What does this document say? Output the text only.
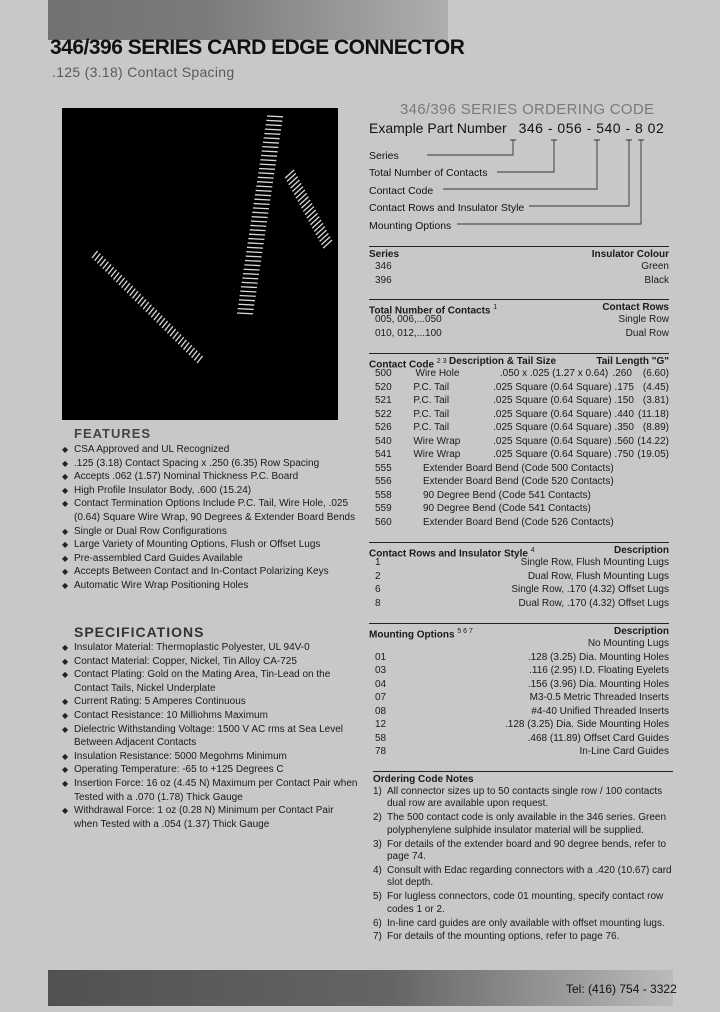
346/396 SERIES CARD EDGE CONNECTOR
.125 (3.18) Contact Spacing
346/396 SERIES ORDERING CODE
Example Part Number 346 - 056 - 540 - 8 02
Series
Total Number of Contacts
Contact Code
Contact Rows and Insulator Style
Mounting Options
Series	Insulator Colour
346	Green
396	Black
Total Number of Contacts $^1$	Contact Rows
005, 006,...050	Single Row
010, 012,...100	Dual Row
Contact Code $^{2 3}$ Description & Tail Size	Tail Length "G"
500	Wire Hole	.050 x .025 (1.27 x 0.64) .260	(6.60)
520	P.C. Tail	.025 Square (0.64 Square) .175 (4.45)
521	P.C. Tail	.025 Square (0.64 Square) .150 (3.81)
522	P.C. Tail	.025 Square (0.64 Square) .440 (11.18)
526	P.C. Tail	.025 Square (0.64 Square) .350 (8.89)
540	Wire Wrap	.025 Square (0.64 Square) .560 (14.22)
541	Wire Wrap	.025 Square (0.64 Square) .750 (19.05)
555	Extender Board Bend (Code 500 Contacts)
556	Extender Board Bend (Code 520 Contacts)
558	90 Degree Bend (Code 541 Contacts)
559	90 Degree Bend (Code 541 Contacts)
560	Extender Board Bend (Code 526 Contacts)
Contact Rows and Insulator Style $^4$	Description
1	Single Row, Flush Mounting Lugs
2	Dual Row, Flush Mounting Lugs
6	Single Row, .170 (4.32) Offset Lugs
8	Dual Row, .170 (4.32) Offset Lugs
Mounting Options $^{5 6 7}$	Description
No Mounting Lugs
01	.128 (3.25) Dia. Mounting Holes
03	.116 (2.95) I.D. Floating Eyelets
04	.156 (3.96) Dia. Mounting Holes
07	M3-0.5 Metric Threaded Inserts
08	#4-40 Unified Threaded Inserts
12	.128 (3.25) Dia. Side Mounting Holes
58	.468 (11.89) Offset Card Guides
78	In-Line Card Guides
FEATURES
◆ CSA Approved and UL Recognized
◆ .125 (3.18) Contact Spacing x .250 (6.35) Row Spacing
◆ Accepts .062 (1.57) Nominal Thickness P.C. Board
◆ High Profile Insulator Body, .600 (15.24)
◆ Contact Termination Options Include P.C. Tail, Wire Hole, .025 (0.64) Square Wire Wrap, 90 Degrees & Extender Board Bends
◆ Single or Dual Row Configurations
◆ Large Variety of Mounting Options, Flush or Offset Lugs
◆ Pre-assembled Card Guides Available
◆ Accepts Between Contact and In-Contact Polarizing Keys
◆ Automatic Wire Wrap Positioning Holes
SPECIFICATIONS
◆ Insulator Material: Thermoplastic Polyester, UL 94V-0
◆ Contact Material: Copper, Nickel, Tin Alloy CA-725
◆ Contact Plating: Gold on the Mating Area, Tin-Lead on the Contact Tails, Nickel Underplate
◆ Current Rating: 5 Amperes Continuous
◆ Contact Resistance: 10 Milliohms Maximum
◆ Dielectric Withstanding Voltage: 1500 V AC rms at Sea Level Between Adjacent Contacts
◆ Insulation Resistance: 5000 Megohms Minimum
◆ Operating Temperature: -65 to +125 Degrees C
◆ Insertion Force: 16 oz (4.45 N) Maximum per Contact Pair when Tested with a .070 (1.78) Thick Gauge
◆ Withdrawal Force: 1 oz (0.28 N) Minimum per Contact Pair when Tested with a .054 (1.37) Thick Gauge
Ordering Code Notes
1) All connector sizes up to 50 contacts single row / 100 contacts dual row are available upon request.
2) The 500 contact code is only available in the 346 series. Green polyphenylene sulphide insulator material will be supplied.
3) For details of the extender board and 90 degree bends, refer to page 74.
4) Consult with Edac regarding connectors with a .420 (10.67) card slot depth.
5) For lugless connectors, code 01 mounting, specify contact row codes 1 or 2.
6) In-line card guides are only available with offset mounting lugs.
7) For details of the mounting options, refer to page 76.
Tel: (416) 754 - 3322
